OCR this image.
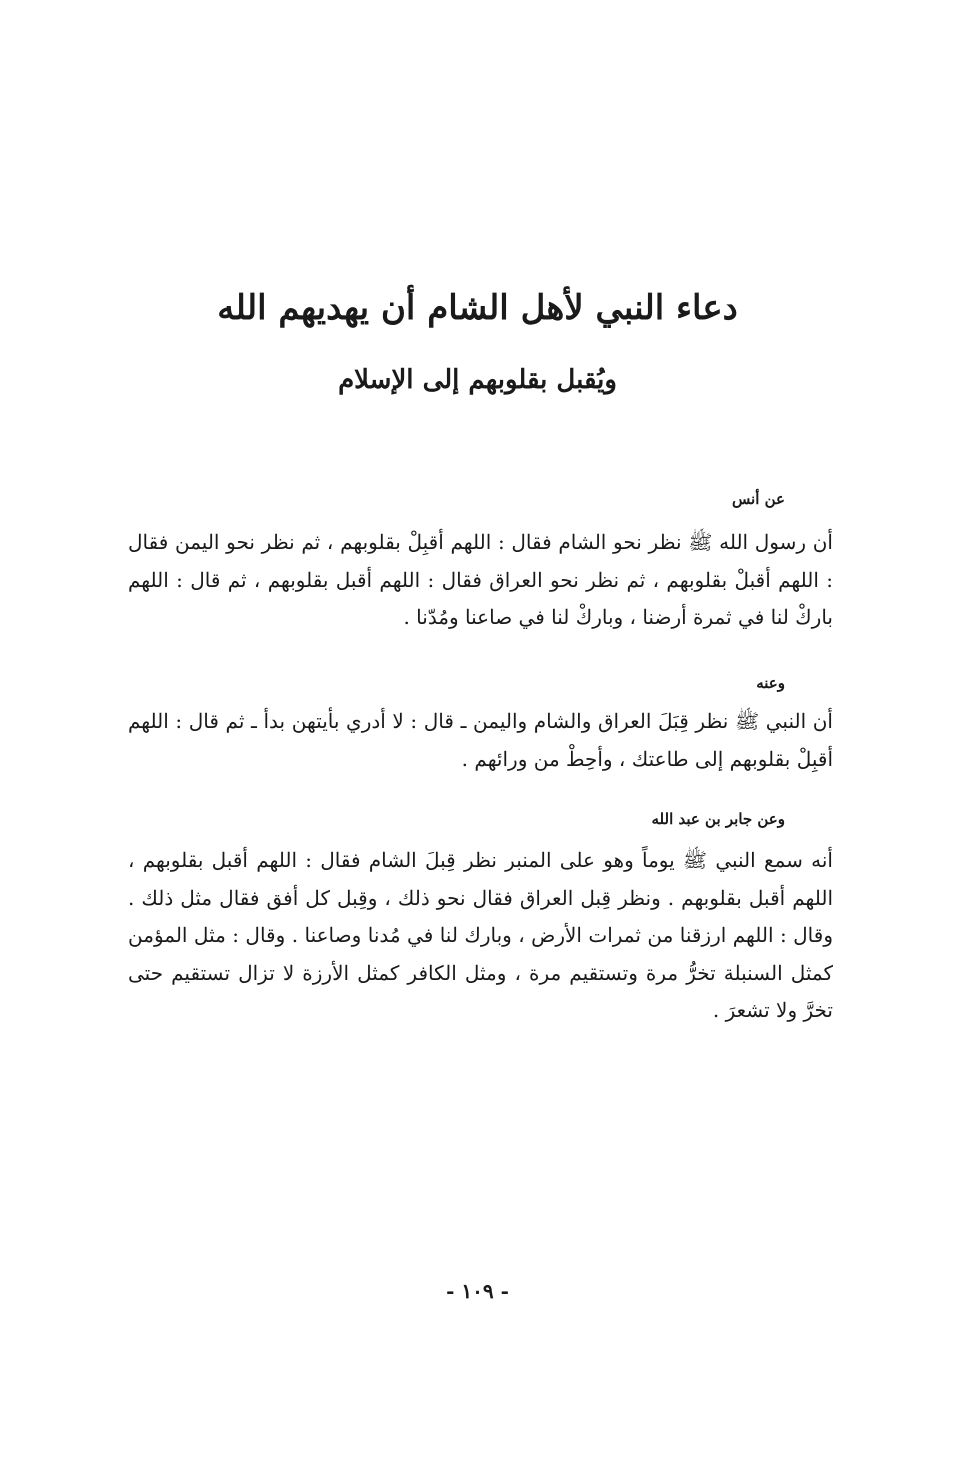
دعاء النبي لأهل الشام أن يهديهم الله
ويُقبل بقلوبهم إلى الإسلام

عن أنس

أن رسول الله ﷺ نظر نحو الشام فقال : اللهم أقبِلْ بقلوبهم ، ثم نظر نحو اليمن فقال : اللهم أقبلْ بقلوبهم ، ثم نظر نحو العراق فقال : اللهم أقبل بقلوبهم ، ثم قال : اللهم باركْ لنا في ثمرة أرضنا ، وباركْ لنا في صاعنا ومُدّنا .

وعنه

أن النبي ﷺ نظر قِبَلَ العراق والشام واليمن ـ قال : لا أدري بأيتهن بدأ ـ ثم قال : اللهم أقبِلْ بقلوبهم إلى طاعتك ، وأحِطْ من ورائهم .

وعن جابر بن عبد الله

أنه سمع النبي ﷺ يوماً وهو على المنبر نظر قِبلَ الشام فقال : اللهم أقبل بقلوبهم ، اللهم أقبل بقلوبهم . ونظر قِبل العراق فقال نحو ذلك ، وقِبل كل أفق فقال مثل ذلك . وقال : اللهم ارزقنا من ثمرات الأرض ، وبارك لنا في مُدنا وصاعنا . وقال : مثل المؤمن كمثل السنبلة تخرُّ مرة وتستقيم مرة ، ومثل الكافر كمثل الأرزة لا تزال تستقيم حتى تخرَّ ولا تشعرَ .

- ١٠٩ -
